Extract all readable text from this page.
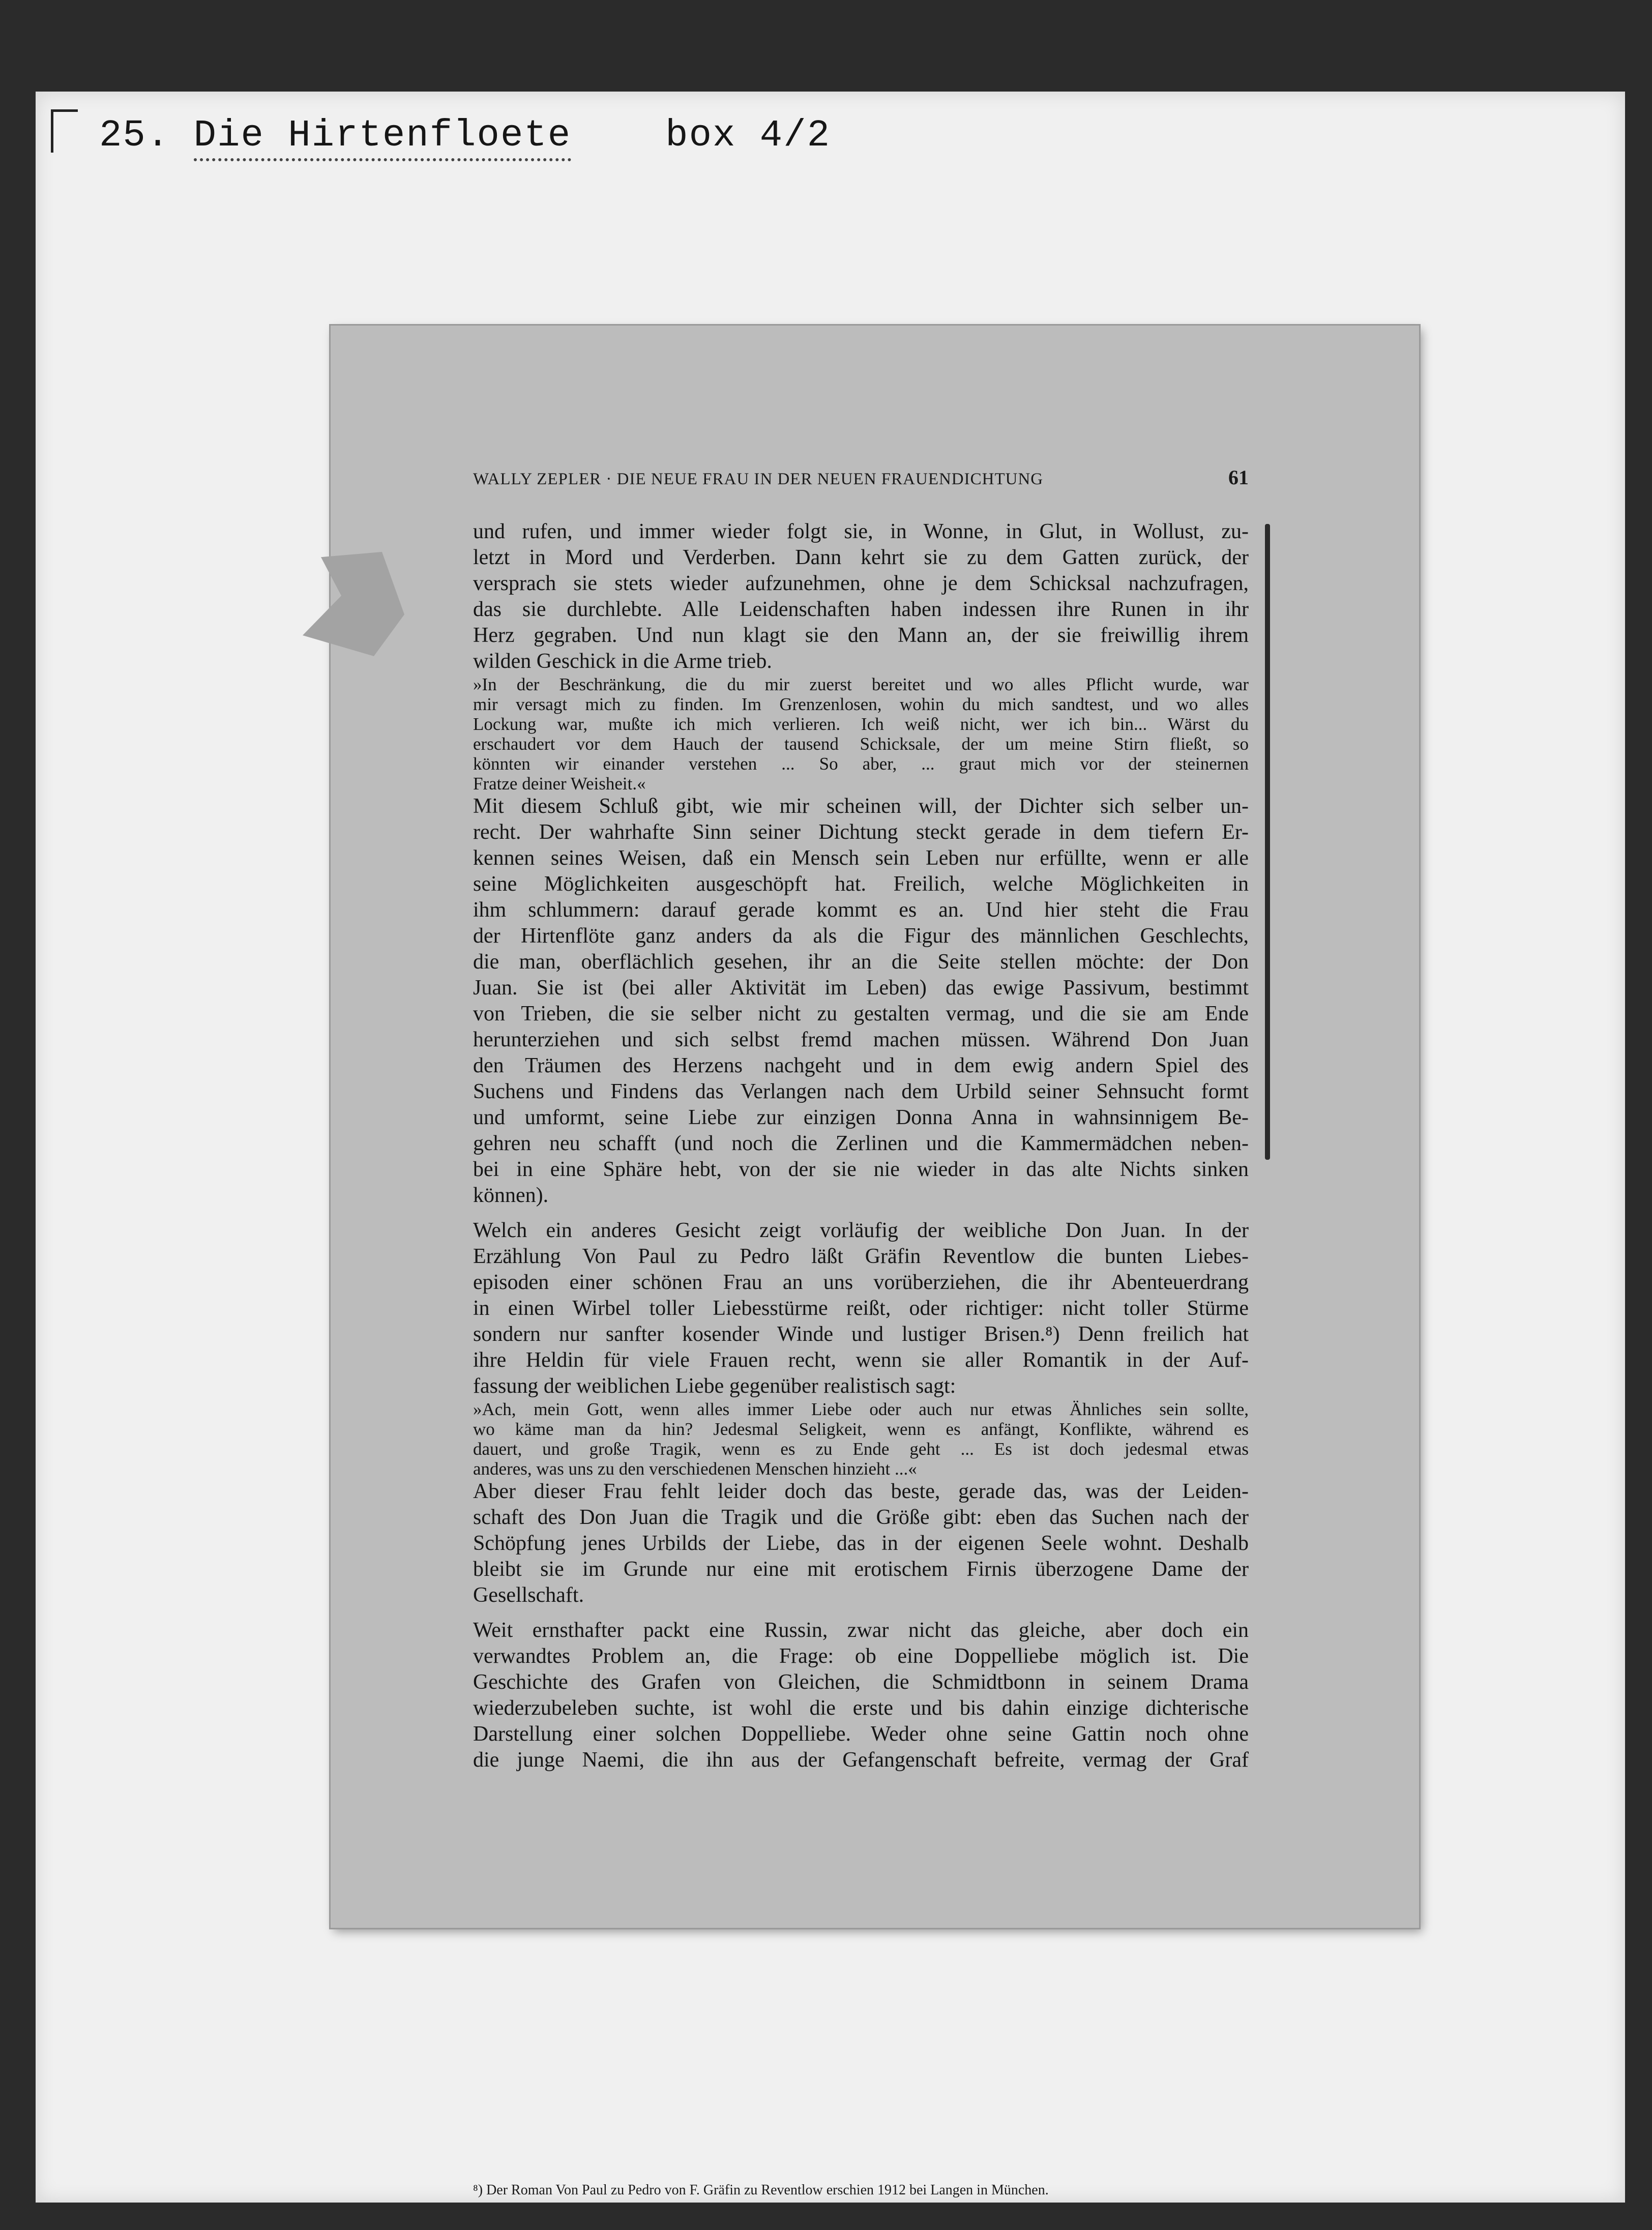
25. Die Hirtenfloete	box 4/2
WALLY ZEPLER · DIE NEUE FRAU IN DER NEUEN FRAUENDICHTUNG	61
und rufen, und immer wieder folgt sie, in Wonne, in Glut, in Wollust, zu-
letzt in Mord und Verderben. Dann kehrt sie zu dem Gatten zurück, der
versprach sie stets wieder aufzunehmen, ohne je dem Schicksal nachzufragen,
das sie durchlebte. Alle Leidenschaften haben indessen ihre Runen in ihr
Herz gegraben. Und nun klagt sie den Mann an, der sie freiwillig ihrem
wilden Geschick in die Arme trieb.
»In der Beschränkung, die du mir zuerst bereitet und wo alles Pflicht wurde, war
mir versagt mich zu finden. Im Grenzenlosen, wohin du mich sandtest, und wo alles
Lockung war, mußte ich mich verlieren. Ich weiß nicht, wer ich bin... Wärst du
erschaudert vor dem Hauch der tausend Schicksale, der um meine Stirn fließt, so
könnten wir einander verstehen ... So aber, ... graut mich vor der steinernen
Fratze deiner Weisheit.«
Mit diesem Schluß gibt, wie mir scheinen will, der Dichter sich selber un-
recht. Der wahrhafte Sinn seiner Dichtung steckt gerade in dem tiefern Er-
kennen seines Weisen, daß ein Mensch sein Leben nur erfüllte, wenn er alle
seine Möglichkeiten ausgeschöpft hat. Freilich, welche Möglichkeiten in
ihm schlummern: darauf gerade kommt es an. Und hier steht die Frau
der Hirtenflöte ganz anders da als die Figur des männlichen Geschlechts,
die man, oberflächlich gesehen, ihr an die Seite stellen möchte: der Don
Juan. Sie ist (bei aller Aktivität im Leben) das ewige Passivum, bestimmt
von Trieben, die sie selber nicht zu gestalten vermag, und die sie am Ende
herunterziehen und sich selbst fremd machen müssen. Während Don Juan
den Träumen des Herzens nachgeht und in dem ewig andern Spiel des
Suchens und Findens das Verlangen nach dem Urbild seiner Sehnsucht formt
und umformt, seine Liebe zur einzigen Donna Anna in wahnsinnigem Be-
gehren neu schafft (und noch die Zerlinen und die Kammermädchen neben-
bei in eine Sphäre hebt, von der sie nie wieder in das alte Nichts sinken
können).
Welch ein anderes Gesicht zeigt vorläufig der weibliche Don Juan. In der
Erzählung Von Paul zu Pedro läßt Gräfin Reventlow die bunten Liebes-
episoden einer schönen Frau an uns vorüberziehen, die ihr Abenteuerdrang
in einen Wirbel toller Liebesstürme reißt, oder richtiger: nicht toller Stürme
sondern nur sanfter kosender Winde und lustiger Brisen.⁸) Denn freilich hat
ihre Heldin für viele Frauen recht, wenn sie aller Romantik in der Auf-
fassung der weiblichen Liebe gegenüber realistisch sagt:
»Ach, mein Gott, wenn alles immer Liebe oder auch nur etwas Ähnliches sein sollte,
wo käme man da hin? Jedesmal Seligkeit, wenn es anfängt, Konflikte, während es
dauert, und große Tragik, wenn es zu Ende geht ... Es ist doch jedesmal etwas
anderes, was uns zu den verschiedenen Menschen hinzieht ...«
Aber dieser Frau fehlt leider doch das beste, gerade das, was der Leiden-
schaft des Don Juan die Tragik und die Größe gibt: eben das Suchen nach der
Schöpfung jenes Urbilds der Liebe, das in der eigenen Seele wohnt. Deshalb
bleibt sie im Grunde nur eine mit erotischem Firnis überzogene Dame der
Gesellschaft.
Weit ernsthafter packt eine Russin, zwar nicht das gleiche, aber doch ein
verwandtes Problem an, die Frage: ob eine Doppelliebe möglich ist. Die
Geschichte des Grafen von Gleichen, die Schmidtbonn in seinem Drama
wiederzubeleben suchte, ist wohl die erste und bis dahin einzige dichterische
Darstellung einer solchen Doppelliebe. Weder ohne seine Gattin noch ohne
die junge Naemi, die ihn aus der Gefangenschaft befreite, vermag der Graf
⁸) Der Roman Von Paul zu Pedro von F. Gräfin zu Reventlow erschien 1912 bei Langen in München.
